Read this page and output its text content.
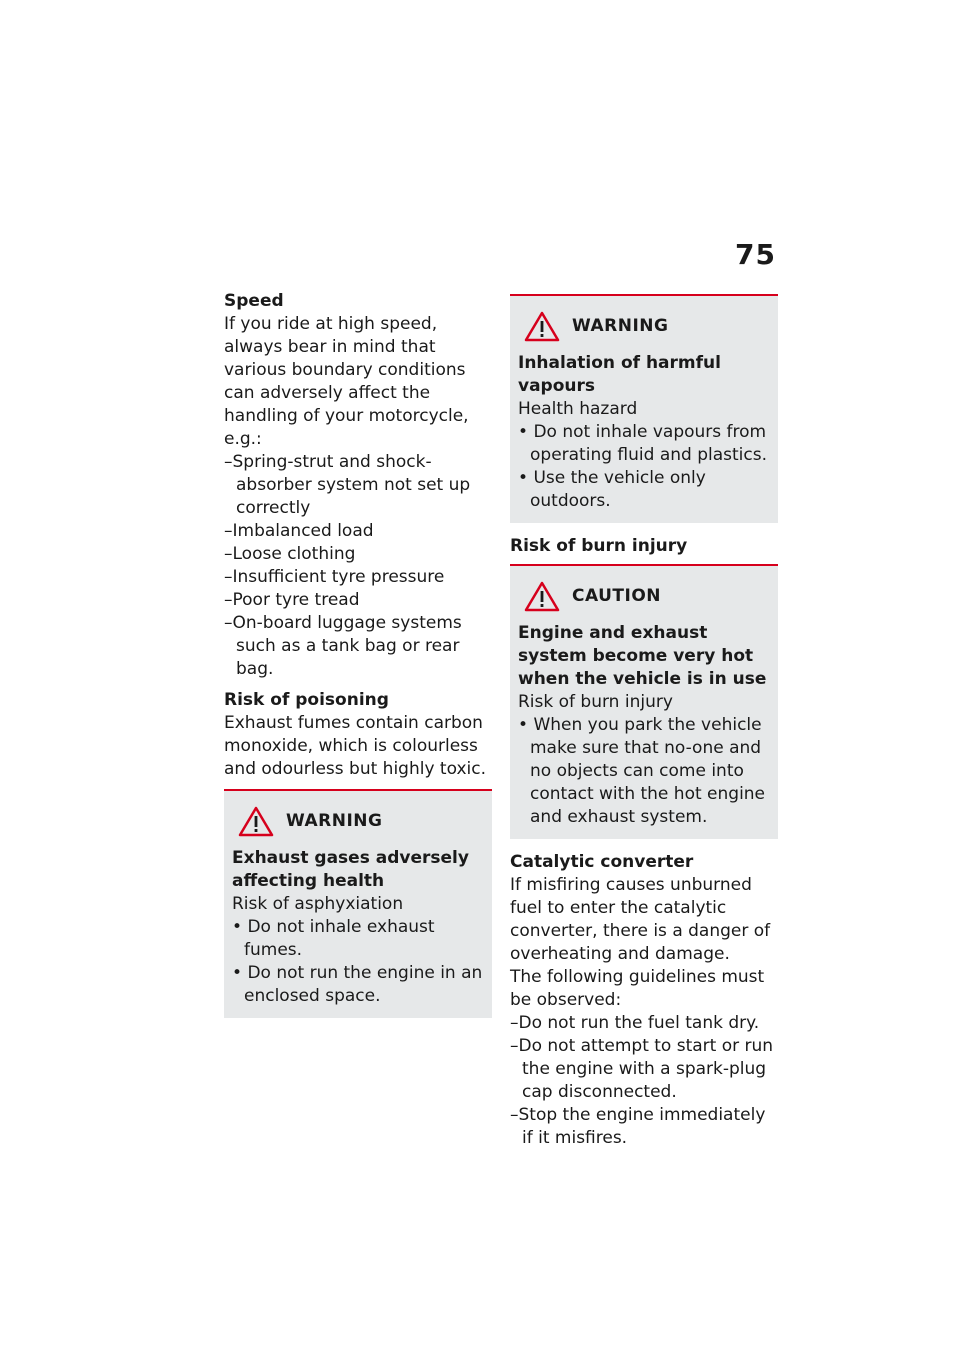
75

Speed

If you ride at high speed, always bear in mind that various boundary conditions can adversely affect the handling of your motorcycle, e.g.:

– Spring-strut and shock-absorber system not set up correctly
– Imbalanced load
– Loose clothing
– Insufficient tyre pressure
– Poor tyre tread
– On-board luggage systems such as a tank bag or rear bag.

Risk of poisoning

Exhaust fumes contain carbon monoxide, which is colourless and odourless but highly toxic.

WARNING

Exhaust gases adversely affecting health

Risk of asphyxiation

• Do not inhale exhaust fumes.
• Do not run the engine in an enclosed space.
WARNING

Inhalation of harmful vapours

Health hazard

• Do not inhale vapours from operating fluid and plastics.
• Use the vehicle only outdoors.

Risk of burn injury

CAUTION

Engine and exhaust system become very hot when the vehicle is in use

Risk of burn injury

• When you park the vehicle make sure that no-one and no objects can come into contact with the hot engine and exhaust system.

Catalytic converter

If misfiring causes unburned fuel to enter the catalytic converter, there is a danger of overheating and damage.

The following guidelines must be observed:

– Do not run the fuel tank dry.
– Do not attempt to start or run the engine with a spark-plug cap disconnected.
– Stop the engine immediately if it misfires.
